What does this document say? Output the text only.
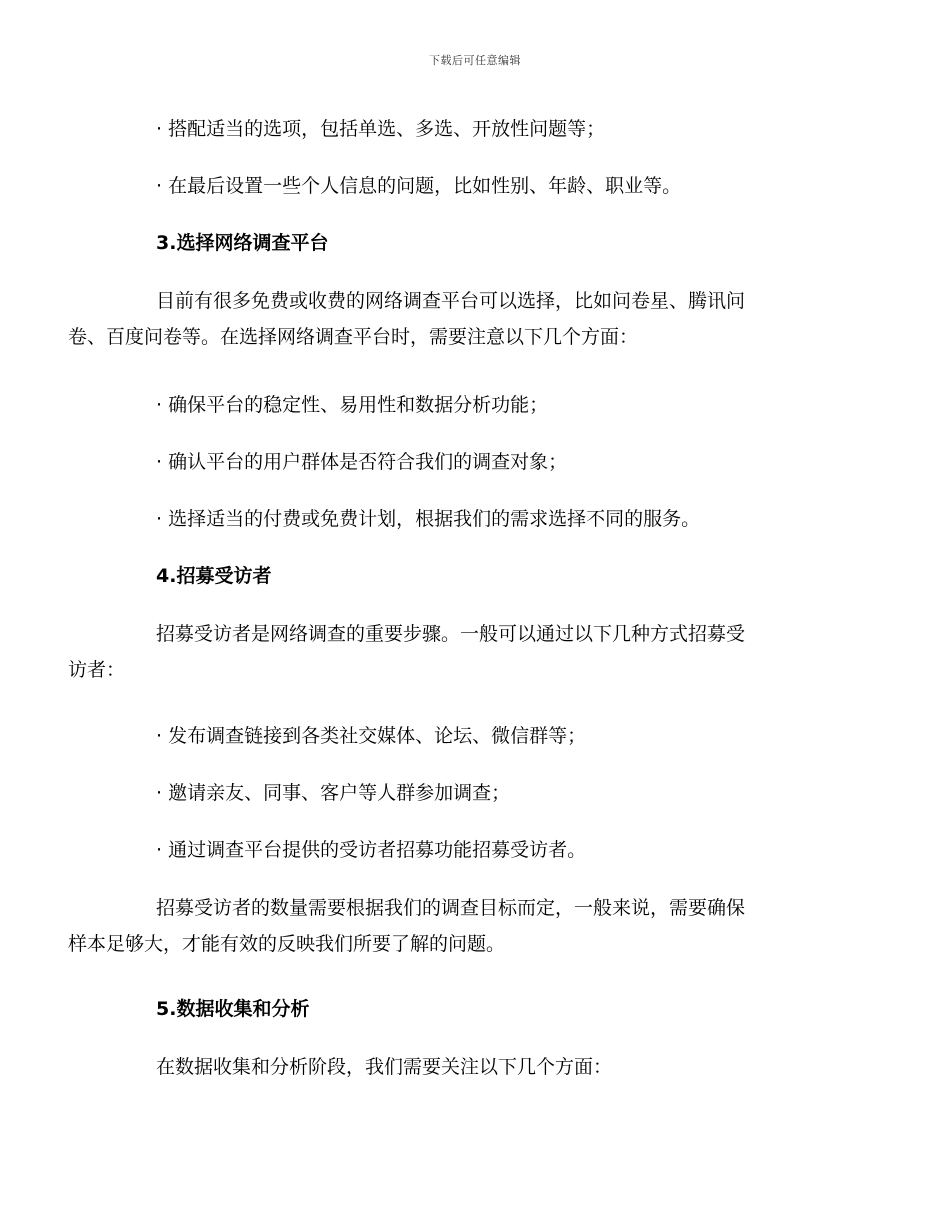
下载后可任意编辑

· 搭配适当的选项，包括单选、多选、开放性问题等；

· 在最后设置一些个人信息的问题，比如性别、年龄、职业等。

3.选择网络调查平台

目前有很多免费或收费的网络调查平台可以选择，比如问卷星、腾讯问
卷、百度问卷等。在选择网络调查平台时，需要注意以下几个方面：

· 确保平台的稳定性、易用性和数据分析功能；

· 确认平台的用户群体是否符合我们的调查对象；

· 选择适当的付费或免费计划，根据我们的需求选择不同的服务。

4.招募受访者

招募受访者是网络调查的重要步骤。一般可以通过以下几种方式招募受
访者：

· 发布调查链接到各类社交媒体、论坛、微信群等；

· 邀请亲友、同事、客户等人群参加调查；

· 通过调查平台提供的受访者招募功能招募受访者。

招募受访者的数量需要根据我们的调查目标而定，一般来说，需要确保
样本足够大，才能有效的反映我们所要了解的问题。

5.数据收集和分析

在数据收集和分析阶段，我们需要关注以下几个方面：
